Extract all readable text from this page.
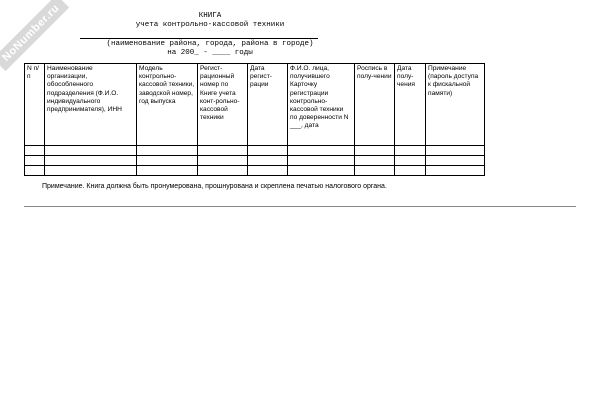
NoNumber.ru	КНИГА
учета контрольно-кассовой техники
(наименование района, города, района в городе)
на 200_ - ____ годы
N п/п	Наименование организации, обособленного подразделения (Ф.И.О. индивидуального предпринимателя), ИНН	Модель контрольно-кассовой техники, заводской номер, год выпуска	Регист-рационный номер по Книге учета конт-рольно-кассовой техники	Дата регист-рации	Ф.И.О. лица, получившего Карточку регистрации контрольно-кассовой техники по доверенности N ___, дата	Роспись в полу-чении	Дата полу-чения	Примечание (пароль доступа к фискальной памяти)

Примечание. Книга должна быть пронумерована, прошнурована и скреплена печатью налогового органа.
